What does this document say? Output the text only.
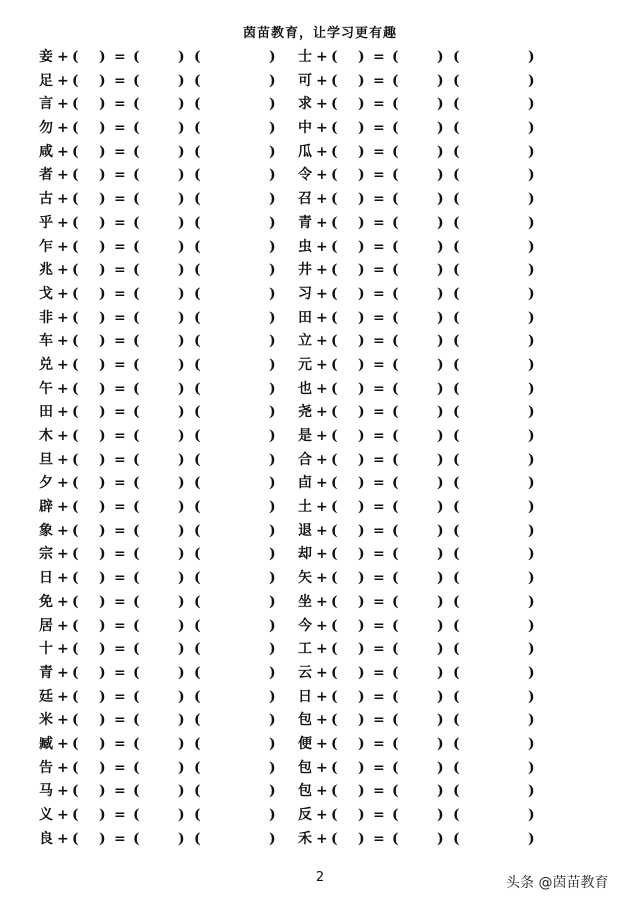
茵苗教育，让学习更有趣
妾 + ( ) = (	) (	)
足 + ( ) = (	) (	)
言 + ( ) = (	) (	)
勿 + ( ) = (	) (	)
咸 + ( ) = (	) (	)
者 + ( ) = (	) (	)
古 + ( ) = (	) (	)
乎 + ( ) = (	) (	)
乍 + ( ) = (	) (	)
兆 + ( ) = (	) (	)
戈 + ( ) = (	) (	)
非 + ( ) = (	) (	)
车 + ( ) = (	) (	)
兑 + ( ) = (	) (	)
午 + ( ) = (	) (	)
田 + ( ) = (	) (	)
木 + ( ) = (	) (	)
旦 + ( ) = (	) (	)
夕 + ( ) = (	) (	)
辟 + ( ) = (	) (	)
象 + ( ) = (	) (	)
宗 + ( ) = (	) (	)
日 + ( ) = (	) (	)
免 + ( ) = (	) (	)
居 + ( ) = (	) (	)
十 + ( ) = (	) (	)
青 + ( ) = (	) (	)
廷 + ( ) = (	) (	)
米 + ( ) = (	) (	)
臧 + ( ) = (	) (	)
告 + ( ) = (	) (	)
马 + ( ) = (	) (	)
义 + ( ) = (	) (	)
良 + ( ) = (	) (	)
士 + ( ) = (	) (	)
可 + ( ) = (	) (	)
求 + ( ) = (	) (	)
中 + ( ) = (	) (	)
瓜 + ( ) = (	) (	)
令 + ( ) = (	) (	)
召 + ( ) = (	) (	)
青 + ( ) = (	) (	)
虫 + ( ) = (	) (	)
井 + ( ) = (	) (	)
习 + ( ) = (	) (	)
田 + ( ) = (	) (	)
立 + ( ) = (	) (	)
元 + ( ) = (	) (	)
也 + ( ) = (	) (	)
尧 + ( ) = (	) (	)
是 + ( ) = (	) (	)
合 + ( ) = (	) (	)
卣 + ( ) = (	) (	)
土 + ( ) = (	) (	)
退 + ( ) = (	) (	)
却 + ( ) = (	) (	)
矢 + ( ) = (	) (	)
坐 + ( ) = (	) (	)
今 + ( ) = (	) (	)
工 + ( ) = (	) (	)
云 + ( ) = (	) (	)
日 + ( ) = (	) (	)
包 + ( ) = (	) (	)
便 + ( ) = (	) (	)
包 + ( ) = (	) (	)
包 + ( ) = (	) (	)
反 + ( ) = (	) (	)
禾 + ( ) = (	) (	)
2	头条 @茵苗教育
